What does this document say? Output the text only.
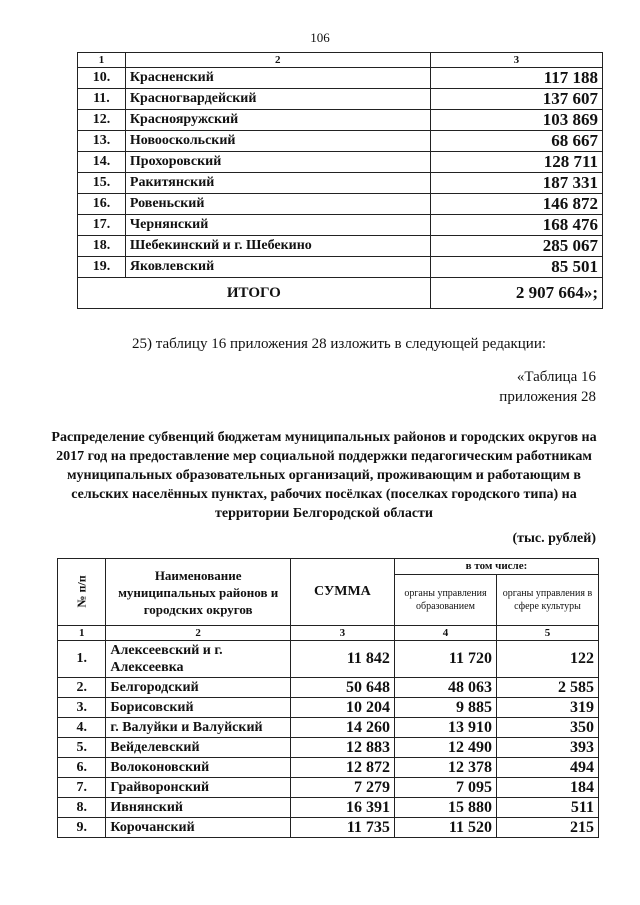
106
1	2	3
10.	Красненский	117 188
11.	Красногвардейский	137 607
12.	Краснояружский	103 869
13.	Новооскольский	68 667
14.	Прохоровский	128 711
15.	Ракитянский	187 331
16.	Ровеньский	146 872
17.	Чернянский	168 476
18.	Шебекинский и г. Шебекино	285 067
19.	Яковлевский	85 501
ИТОГО		2 907 664»;
25) таблицу 16 приложения 28 изложить в следующей редакции:
«Таблица 16
приложения 28
Распределение субвенций бюджетам муниципальных районов и городских округов на 2017 год на предоставление мер социальной поддержки педагогическим работникам муниципальных образовательных организаций, проживающим и работающим в сельских населённых пунктах, рабочих посёлках (поселках городского типа) на территории Белгородской области
(тыс. рублей)
№ п/п	Наименование муниципальных районов и городских округов	СУММА	в том числе:	
			органы управления образованием	органы управления в сфере культуры
1	2	3	4	5
1.	Алексеевский и г. Алексеевка	11 842	11 720	122
2.	Белгородский	50 648	48 063	2 585
3.	Борисовский	10 204	9 885	319
4.	г. Валуйки и Валуйский	14 260	13 910	350
5.	Вейделевский	12 883	12 490	393
6.	Волоконовский	12 872	12 378	494
7.	Грайворонский	7 279	7 095	184
8.	Ивнянский	16 391	15 880	511
9.	Корочанский	11 735	11 520	215
